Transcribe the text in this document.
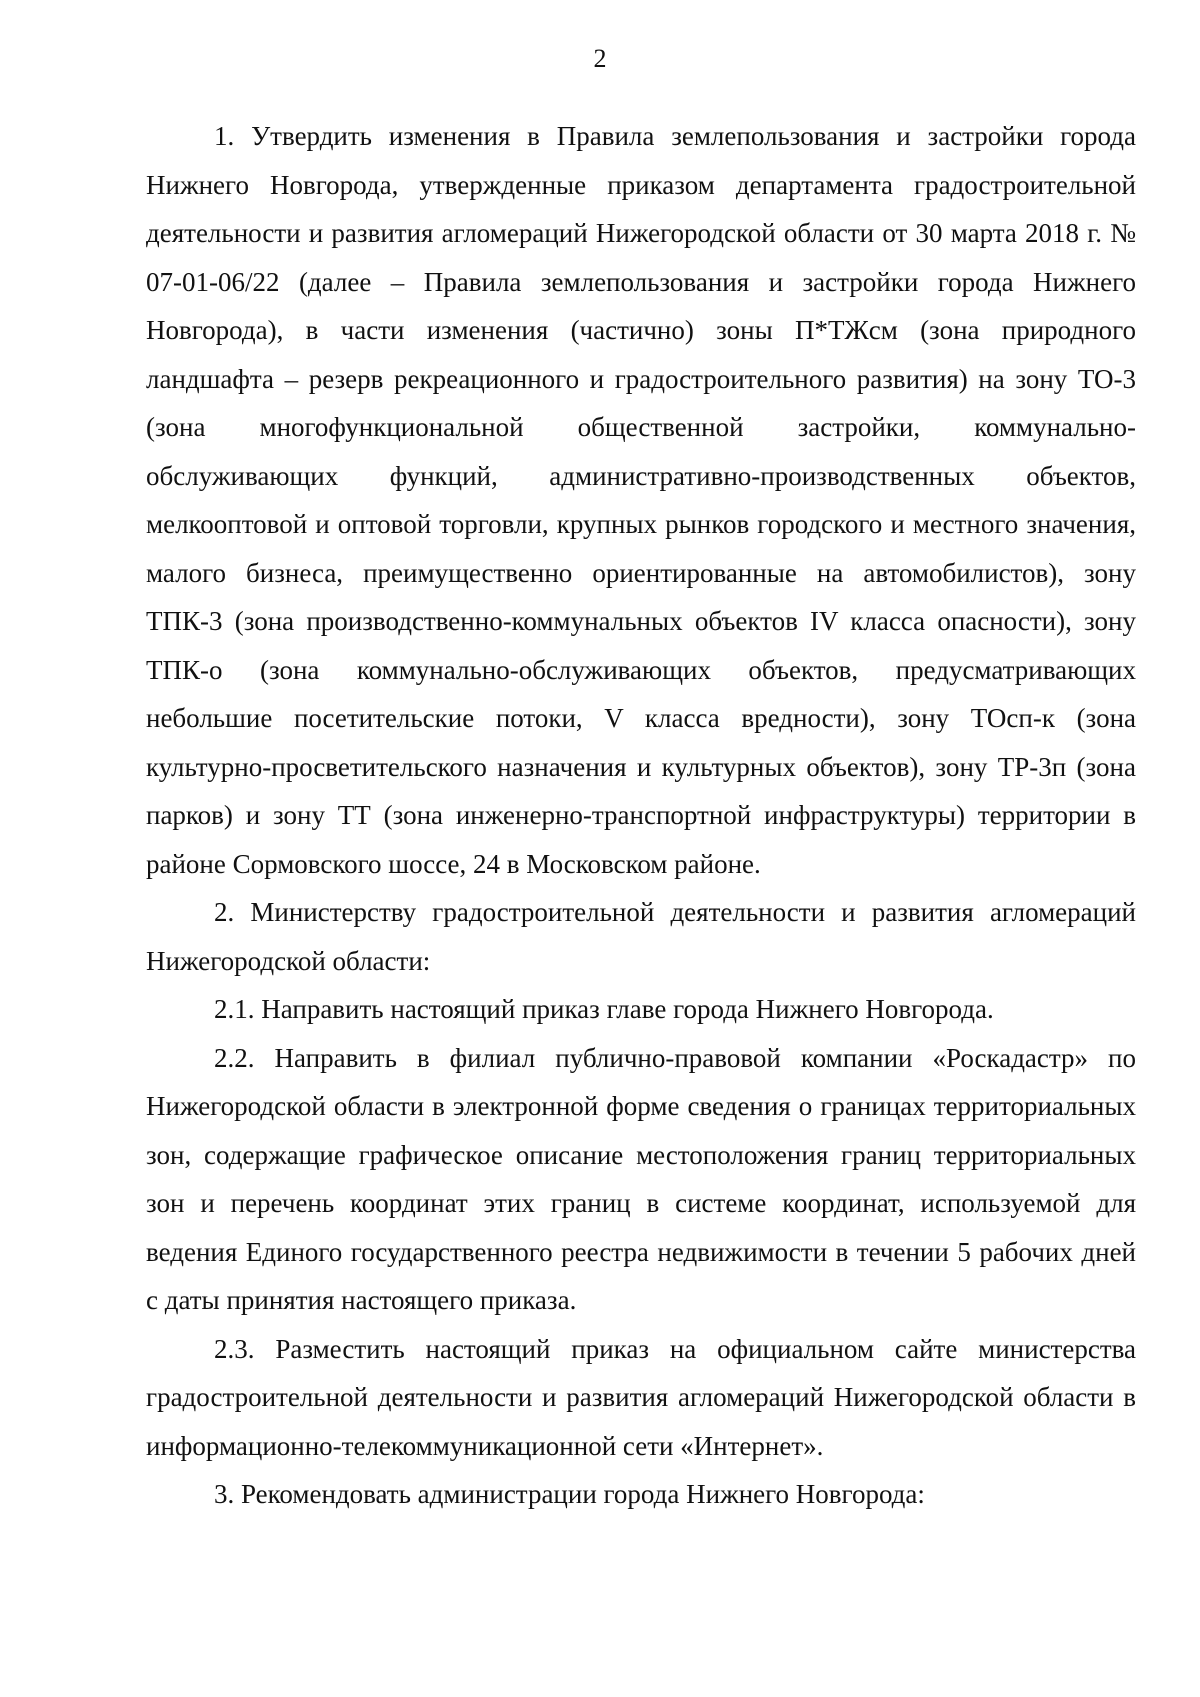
2

1. Утвердить изменения в Правила землепользования и застройки города Нижнего Новгорода, утвержденные приказом департамента градостроительной деятельности и развития агломераций Нижегородской области от 30 марта 2018 г. № 07-01-06/22 (далее – Правила землепользования и застройки города Нижнего Новгорода), в части изменения (частично) зоны П*ТЖсм (зона природного ландшафта – резерв рекреационного и градостроительного развития) на зону ТО-3 (зона многофункциональной общественной застройки, коммунально-обслуживающих функций, административно-производственных объектов, мелкооптовой и оптовой торговли, крупных рынков городского и местного значения, малого бизнеса, преимущественно ориентированные на автомобилистов), зону ТПК-3 (зона производственно-коммунальных объектов IV класса опасности), зону ТПК-о (зона коммунально-обслуживающих объектов, предусматривающих небольшие посетительские потоки, V класса вредности), зону ТОсп-к (зона культурно-просветительского назначения и культурных объектов), зону ТР-3п (зона парков) и зону ТТ (зона инженерно-транспортной инфраструктуры) территории в районе Сормовского шоссе, 24 в Московском районе.

2. Министерству градостроительной деятельности и развития агломераций Нижегородской области:

2.1. Направить настоящий приказ главе города Нижнего Новгорода.

2.2. Направить в филиал публично-правовой компании «Роскадастр» по Нижегородской области в электронной форме сведения о границах территориальных зон, содержащие графическое описание местоположения границ территориальных зон и перечень координат этих границ в системе координат, используемой для ведения Единого государственного реестра недвижимости в течении 5 рабочих дней с даты принятия настоящего приказа.

2.3. Разместить настоящий приказ на официальном сайте министерства градостроительной деятельности и развития агломераций Нижегородской области в информационно-телекоммуникационной сети «Интернет».

3. Рекомендовать администрации города Нижнего Новгорода:
